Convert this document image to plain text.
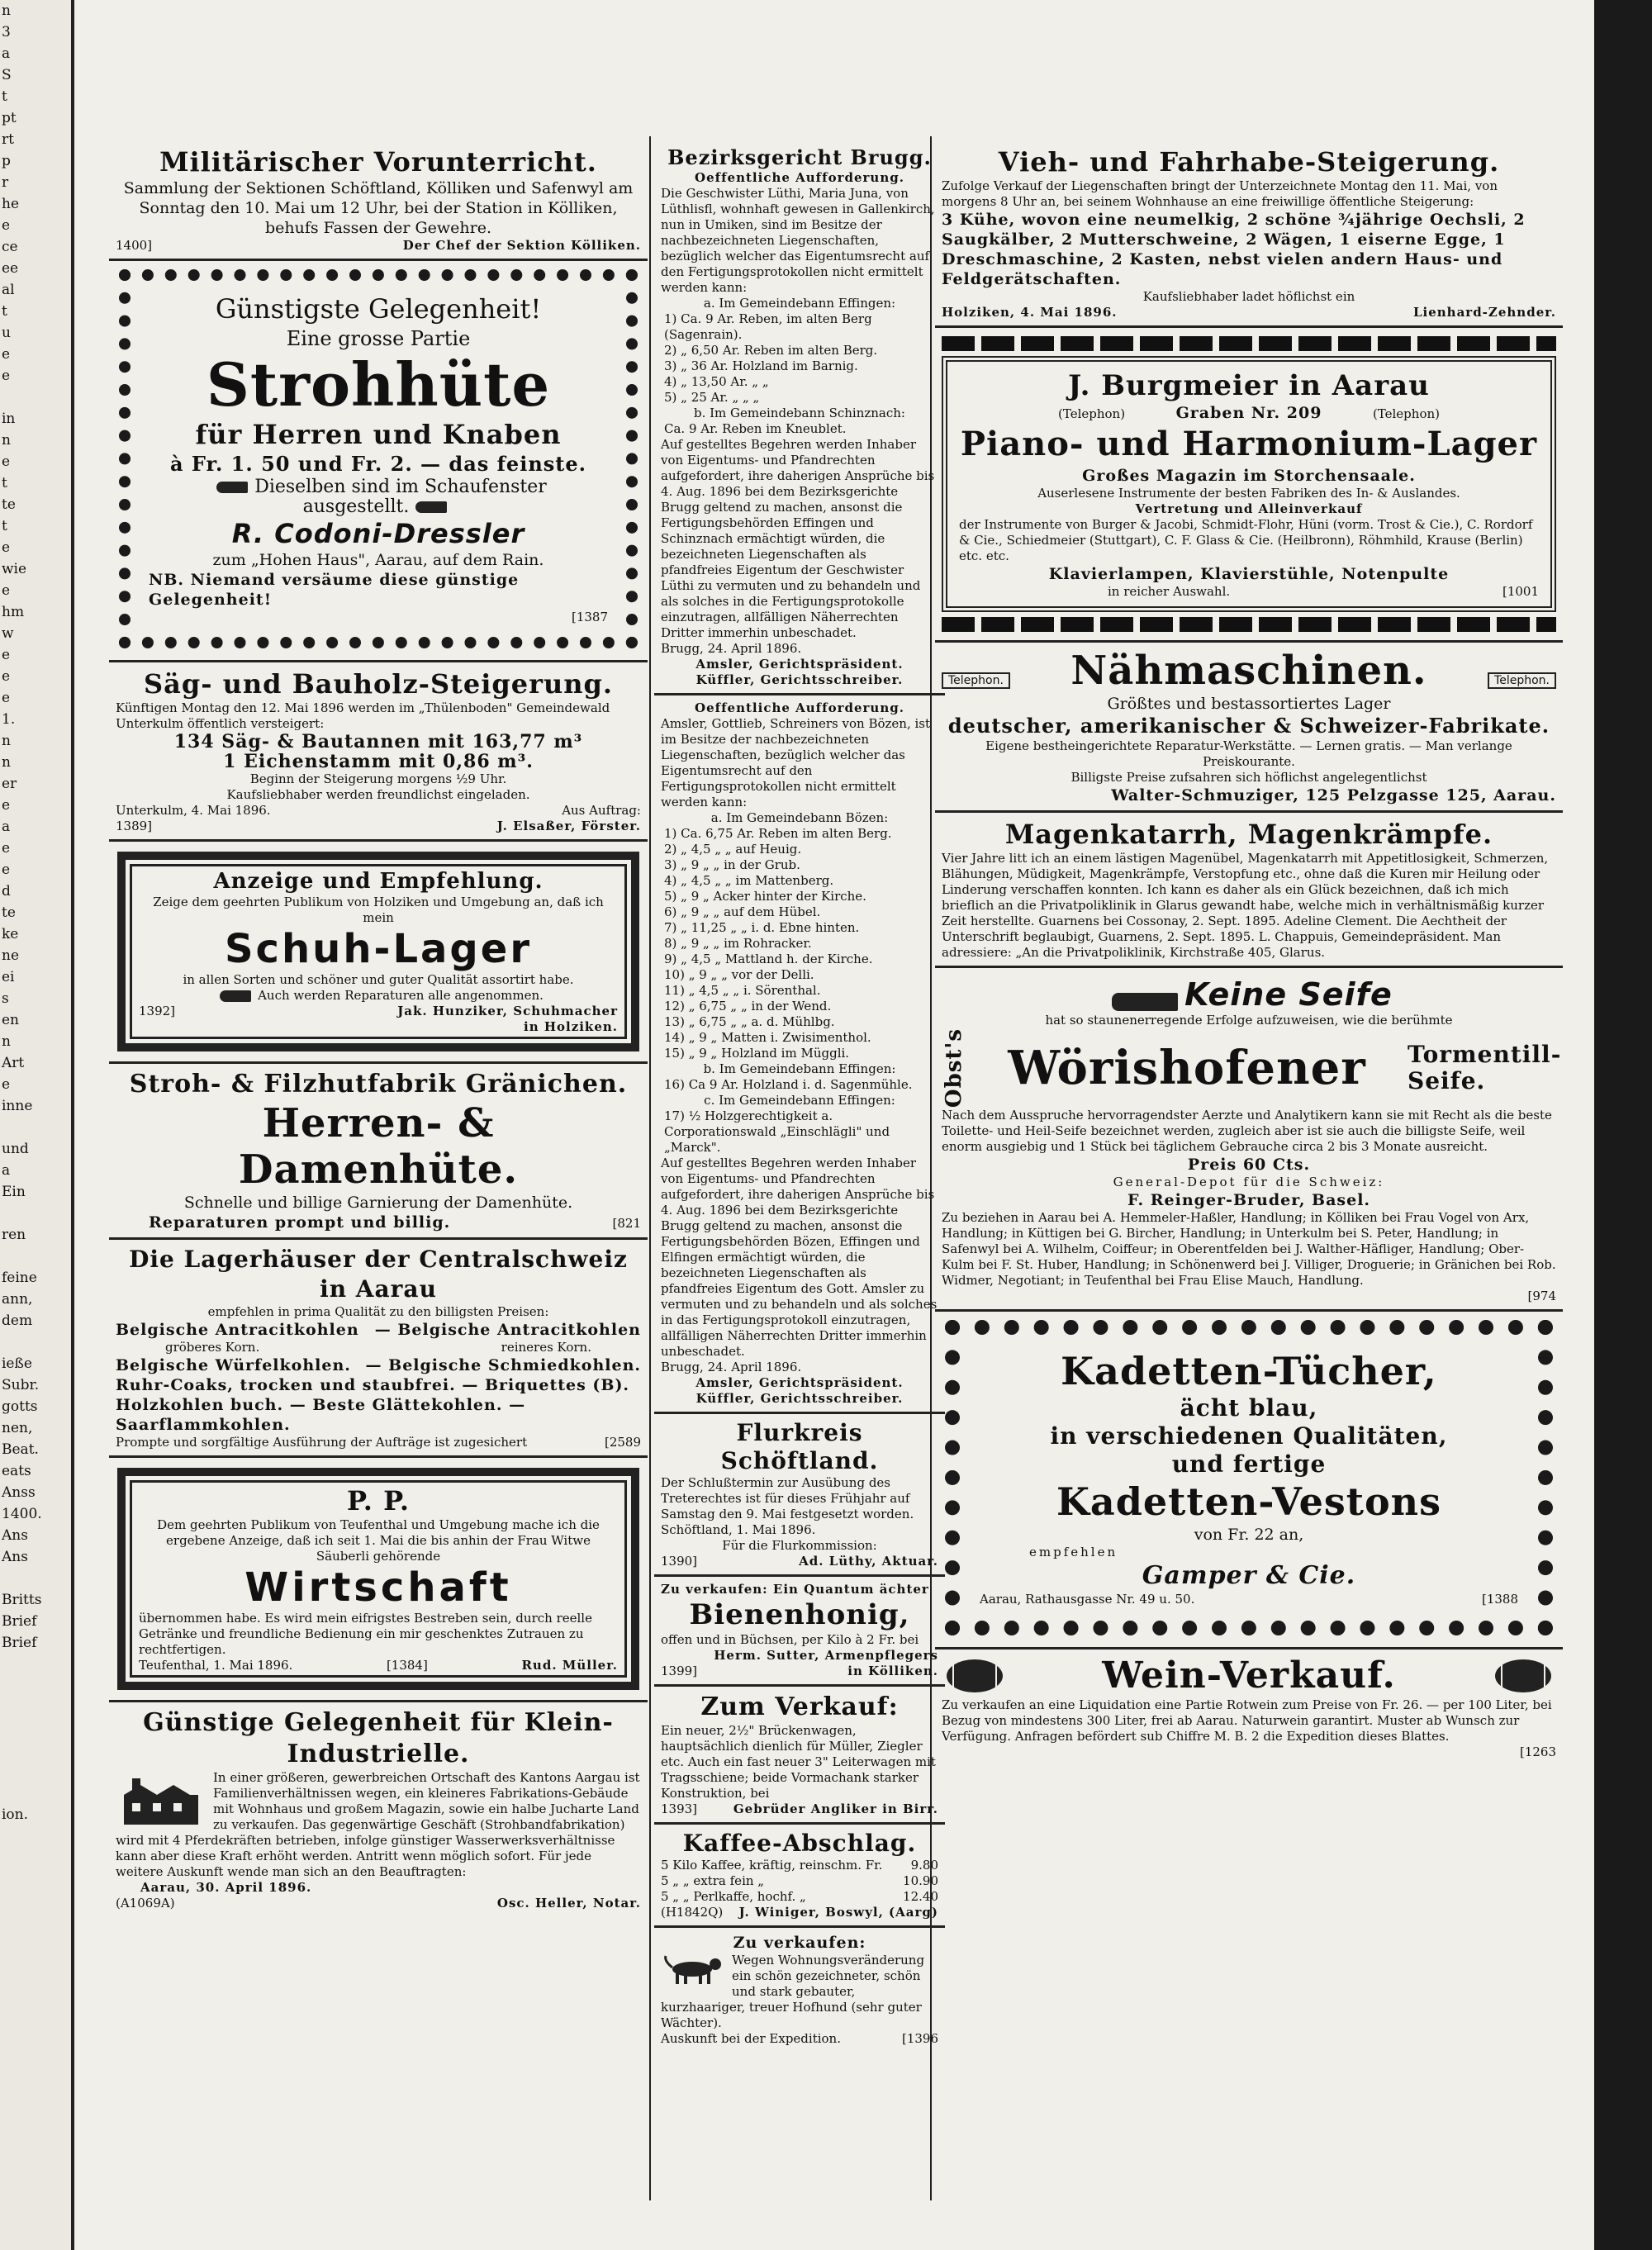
n
3
a
S
t
pt
rt
p
r
he
e
ce
ee
al
t
u
e
e

in
n
e
t
te
t
e
wie
e
hm
w
e
e
e
1.
n
n
er
e
a
e
e
d
te
ke
ne
ei
s
en
n
Art
e
inne

und
a
Ein

ren

feine
ann,
dem

ieße
Subr.
gotts
nen,
Beat.
eats
Anss
1400.
Ans
Ans

Britts
Brief
Brief

ion.
Militärischer Vorunterricht.
Sammlung der Sektionen Schöftland, Kölliken und Safenwyl am Sonntag den 10. Mai um 12 Uhr, bei der Station in Kölliken, behufs Fassen der Gewehre.
1400]	Der Chef der Sektion Kölliken.
Günstigste Gelegenheit!
Eine grosse Partie
Strohhüte
für Herren und Knaben
à Fr. 1. 50 und Fr. 2. — das feinste.
Dieselben sind im Schaufenster
ausgestellt.
R. Codoni-Dressler
zum „Hohen Haus", Aarau, auf dem Rain.
NB. Niemand versäume diese günstige Gelegenheit!
[1387
Säg- und Bauholz-Steigerung.
Künftigen Montag den 12. Mai 1896 werden im „Thülenboden" Gemeindewald Unterkulm öffentlich versteigert:
134 Säg- & Bautannen mit 163,77 m³
1 Eichenstamm mit 0,86 m³.
Beginn der Steigerung morgens ½9 Uhr.
Kaufsliebhaber werden freundlichst eingeladen.
Unterkulm, 4. Mai 1896.	Aus Auftrag:
1389]	J. Elsaßer, Förster.
Anzeige und Empfehlung.
Zeige dem geehrten Publikum von Holziken und Umgebung an, daß ich mein
Schuh-Lager
in allen Sorten und schöner und guter Qualität assortirt habe.
Auch werden Reparaturen alle angenommen.
1392]	Jak. Hunziker, Schuhmacher
in Holziken.
Stroh- & Filzhutfabrik Gränichen.
Herren- & Damenhüte.
Schnelle und billige Garnierung der Damenhüte.
Reparaturen prompt und billig.	[821
Die Lagerhäuser der Centralschweiz in Aarau
empfehlen in prima Qualität zu den billigsten Preisen:
Belgische Antracitkohlen — Belgische Antracitkohlen
gröberes Korn.	reineres Korn.
Belgische Würfelkohlen. — Belgische Schmiedkohlen.
Ruhr-Coaks, trocken und staubfrei. — Briquettes (B).
Holzkohlen buch. — Beste Glättekohlen. — Saarflammkohlen.
Prompte und sorgfältige Ausführung der Aufträge ist zugesichert	[2589
P. P.
Dem geehrten Publikum von Teufenthal und Umgebung mache ich die ergebene Anzeige, daß ich seit 1. Mai die bis anhin der Frau Witwe Säuberli gehörende
Wirtschaft
übernommen habe. Es wird mein eifrigstes Bestreben sein, durch reelle Getränke und freundliche Bedienung ein mir geschenktes Zutrauen zu rechtfertigen.
Teufenthal, 1. Mai 1896.	[1384]	Rud. Müller.
Günstige Gelegenheit für Klein-Industrielle.
In einer größeren, gewerbreichen Ortschaft des Kantons Aargau ist Familienverhältnissen wegen, ein kleineres Fabrikations-Gebäude mit Wohnhaus und großem Magazin, sowie ein halbe Jucharte Land zu verkaufen. Das gegenwärtige Geschäft (Strohbandfabrikation) wird mit 4 Pferdekräften betrieben, infolge günstiger Wasserwerksverhältnisse kann aber diese Kraft erhöht werden. Antritt wenn möglich sofort. Für jede weitere Auskunft wende man sich an den Beauftragten:
Aarau, 30. April 1896.
(A1069A)	Osc. Heller, Notar.
Bezirksgericht Brugg.
Oeffentliche Aufforderung.
Die Geschwister Lüthi, Maria Juna, von Lüthlisfl, wohnhaft gewesen in Gallenkirch, nun in Umiken, sind im Besitze der nachbezeichneten Liegenschaften, bezüglich welcher das Eigentumsrecht auf den Fertigungsprotokollen nicht ermittelt werden kann:
a. Im Gemeindebann Effingen:
1) Ca. 9 Ar. Reben, im alten Berg (Sagenrain).
2) „ 6,50 Ar. Reben im alten Berg.
3) „ 36 Ar. Holzland im Barnig.
4) „ 13,50 Ar. „ „
5) „ 25 Ar. „ „ „
b. Im Gemeindebann Schinznach:
Ca. 9 Ar. Reben im Kneublet.
Auf gestelltes Begehren werden Inhaber von Eigentums- und Pfandrechten aufgefordert, ihre daherigen Ansprüche bis 4. Aug. 1896 bei dem Bezirksgerichte Brugg geltend zu machen, ansonst die Fertigungsbehörden Effingen und Schinznach ermächtigt würden, die bezeichneten Liegenschaften als pfandfreies Eigentum der Geschwister Lüthi zu vermuten und zu behandeln und als solches in die Fertigungsprotokolle einzutragen, allfälligen Näherrechten Dritter immerhin unbeschadet.
Brugg, 24. April 1896.
Amsler, Gerichtspräsident.
Küffler, Gerichtsschreiber.
Oeffentliche Aufforderung.
Amsler, Gottlieb, Schreiners von Bözen, ist im Besitze der nachbezeichneten Liegenschaften, bezüglich welcher das Eigentumsrecht auf den Fertigungsprotokollen nicht ermittelt werden kann:
a. Im Gemeindebann Bözen:
1) Ca. 6,75 Ar. Reben im alten Berg.
2) „ 4,5 „ „ auf Heuig.
3) „ 9 „ „ in der Grub.
4) „ 4,5 „ „ im Mattenberg.
5) „ 9 „ Acker hinter der Kirche.
6) „ 9 „ „ auf dem Hübel.
7) „ 11,25 „ „ i. d. Ebne hinten.
8) „ 9 „ „ im Rohracker.
9) „ 4,5 „ Mattland h. der Kirche.
10) „ 9 „ „ vor der Delli.
11) „ 4,5 „ „ i. Sörenthal.
12) „ 6,75 „ „ in der Wend.
13) „ 6,75 „ „ a. d. Mühlbg.
14) „ 9 „ Matten i. Zwisimenthol.
15) „ 9 „ Holzland im Müggli.
b. Im Gemeindebann Effingen:
16) Ca 9 Ar. Holzland i. d. Sagenmühle.
c. Im Gemeindebann Effingen:
17) ½ Holzgerechtigkeit a. Corporationswald „Einschlägli" und „Marck".
Auf gestelltes Begehren werden Inhaber von Eigentums- und Pfandrechten aufgefordert, ihre daherigen Ansprüche bis 4. Aug. 1896 bei dem Bezirksgerichte Brugg geltend zu machen, ansonst die Fertigungsbehörden Bözen, Effingen und Elfingen ermächtigt würden, die bezeichneten Liegenschaften als pfandfreies Eigentum des Gott. Amsler zu vermuten und zu behandeln und als solches in das Fertigungsprotokoll einzutragen, allfälligen Näherrechten Dritter immerhin unbeschadet.
Brugg, 24. April 1896.
Amsler, Gerichtspräsident.
Küffler, Gerichtsschreiber.
Flurkreis Schöftland.
Der Schlußtermin zur Ausübung des Treterechtes ist für dieses Frühjahr auf Samstag den 9. Mai festgesetzt worden.
Schöftland, 1. Mai 1896.
Für die Flurkommission:
1390]	Ad. Lüthy, Aktuar.
Zu verkaufen: Ein Quantum ächter
Bienenhonig,
offen und in Büchsen, per Kilo à 2 Fr. bei
Herm. Sutter, Armenpflegers
1399]	in Kölliken.
Zum Verkauf:
Ein neuer, 2½" Brückenwagen, hauptsächlich dienlich für Müller, Ziegler etc. Auch ein fast neuer 3" Leiterwagen mit Tragsschiene; beide Vormachank starker Konstruktion, bei
1393]	Gebrüder Angliker in Birr.
Kaffee-Abschlag.
5 Kilo Kaffee, kräftig, reinschm. Fr. 9.80
5 „ „ extra fein „	10.90
5 „ „ Perlkaffe, hochf. „	12.40
(H1842Q) J. Winiger, Boswyl, (Aarg)
Zu verkaufen:
Wegen Wohnungsveränderung ein schön gezeichneter, schön und stark gebauter, kurzhaariger, treuer Hofhund (sehr guter Wächter).
Auskunft bei der Expedition.	[1396
Vieh- und Fahrhabe-Steigerung.
Zufolge Verkauf der Liegenschaften bringt der Unterzeichnete Montag den 11. Mai, von morgens 8 Uhr an, bei seinem Wohnhause an eine freiwillige öffentliche Steigerung:
3 Kühe, wovon eine neumelkig, 2 schöne ¾jährige Oechsli, 2 Saugkälber, 2 Mutterschweine, 2 Wägen, 1 eiserne Egge, 1 Dreschmaschine, 2 Kasten, nebst vielen andern Haus- und Feldgerätschaften.
Kaufsliebhaber ladet höflichst ein
Holziken, 4. Mai 1896.	Lienhard-Zehnder.
J. Burgmeier in Aarau
(Telephon)	Graben Nr. 209	(Telephon)
Piano- und Harmonium-Lager
Großes Magazin im Storchensaale.
Auserlesene Instrumente der besten Fabriken des In- & Auslandes.
Vertretung und Alleinverkauf
der Instrumente von Burger & Jacobi, Schmidt-Flohr, Hüni (vorm. Trost & Cie.), C. Rordorf & Cie., Schiedmeier (Stuttgart), C. F. Glass & Cie. (Heilbronn), Röhmhild, Krause (Berlin) etc. etc.
Klavierlampen, Klavierstühle, Notenpulte
in reicher Auswahl.	[1001
Telephon. Nähmaschinen.	Telephon.
Größtes und bestassortiertes Lager
deutscher, amerikanischer & Schweizer-Fabrikate.
Eigene bestheingerichtete Reparatur-Werkstätte. — Lernen gratis. — Man verlange Preiskourante.
Billigste Preise zufsahren sich höflichst angelegentlichst
Walter-Schmuziger, 125 Pelzgasse 125, Aarau.
Magenkatarrh, Magenkrämpfe.
Vier Jahre litt ich an einem lästigen Magenübel, Magenkatarrh mit Appetitlosigkeit, Schmerzen, Blähungen, Müdigkeit, Magenkrämpfe, Verstopfung etc., ohne daß die Kuren mir Heilung oder Linderung verschaffen konnten. Ich kann es daher als ein Glück bezeichnen, daß ich mich brieflich an die Privatpoliklinik in Glarus gewandt habe, welche mich in verhältnismäßig kurzer Zeit herstellte. Guarnens bei Cossonay, 2. Sept. 1895. Adeline Clement. Die Aechtheit der Unterschrift beglaubigt, Guarnens, 2. Sept. 1895. L. Chappuis, Gemeindepräsident. Man adressiere: „An die Privatpoliklinik, Kirchstraße 405, Glarus.
Keine Seife
hat so staunenerregende Erfolge aufzuweisen, wie die berühmte
Obst's Wörishofener Tormentill-Seife.
Nach dem Ausspruche hervorragendster Aerzte und Analytikern kann sie mit Recht als die beste Toilette- und Heil-Seife bezeichnet werden, zugleich aber ist sie auch die billigste Seife, weil enorm ausgiebig und 1 Stück bei täglichem Gebrauche circa 2 bis 3 Monate ausreicht.
Preis 60 Cts.
General-Depot für die Schweiz:
F. Reinger-Bruder, Basel.
Zu beziehen in Aarau bei A. Hemmeler-Haßler, Handlung; in Kölliken bei Frau Vogel von Arx, Handlung; in Küttigen bei G. Bircher, Handlung; in Unterkulm bei S. Peter, Handlung; in Safenwyl bei A. Wilhelm, Coiffeur; in Oberentfelden bei J. Walther-Häfliger, Handlung; Ober-Kulm bei F. St. Huber, Handlung; in Schönenwerd bei J. Villiger, Droguerie; in Gränichen bei Rob. Widmer, Negotiant; in Teufenthal bei Frau Elise Mauch, Handlung.
[974
Kadetten-Tücher,
ächt blau,
in verschiedenen Qualitäten,
und fertige
Kadetten-Vestons
von Fr. 22 an,
empfehlen
Gamper & Cie.
Aarau, Rathausgasse Nr. 49 u. 50.	[1388
Wein-Verkauf.
Zu verkaufen an eine Liquidation eine Partie Rotwein zum Preise von Fr. 26. — per 100 Liter, bei Bezug von mindestens 300 Liter, frei ab Aarau. Naturwein garantirt. Muster ab Wunsch zur Verfügung. Anfragen befördert sub Chiffre M. B. 2 die Expedition dieses Blattes.
[1263
